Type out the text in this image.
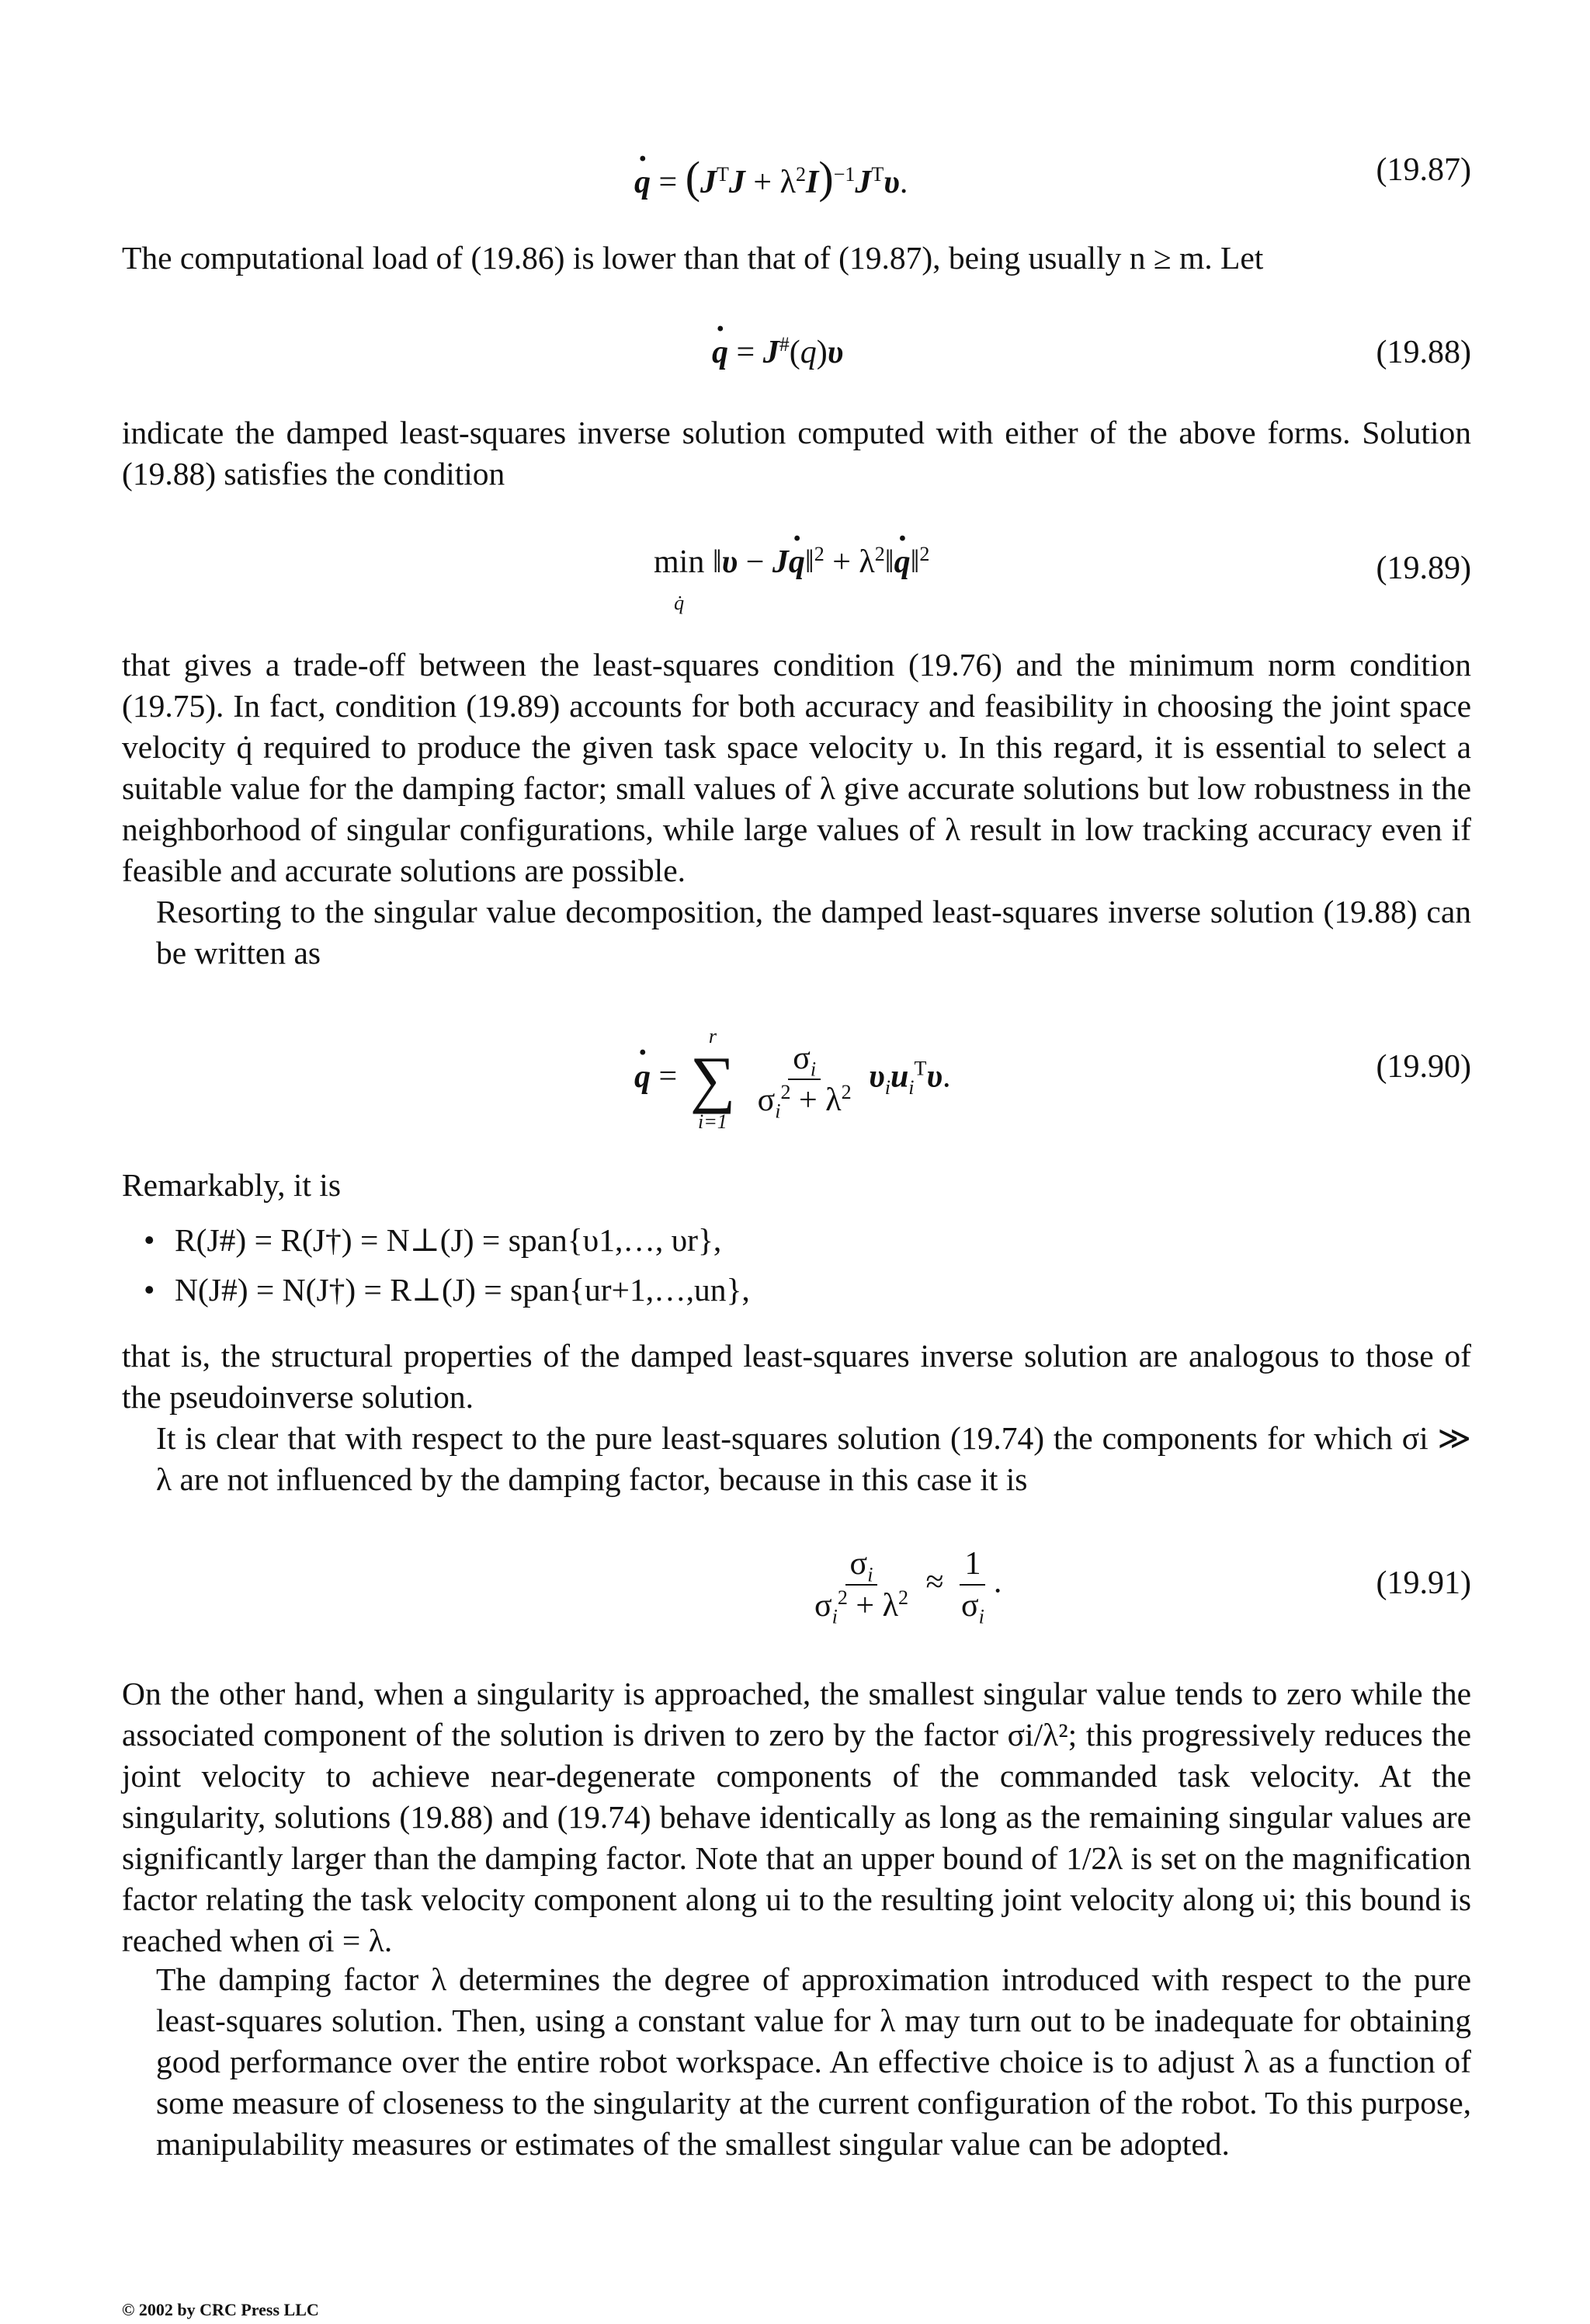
· $q = (J^TJ + \lambda^2I)^{-1}J^T\upsilon$.	(19.87)
The computational load of (19.86) is lower than that of (19.87), being usually n ≥ m. Let
· q = J#(q)υ	(19.88)
indicate the damped least-squares inverse solution computed with either of the above forms. Solution (19.88) satisfies the condition
min
q̇ ‖υ − J· q‖$^2$ + $\lambda^2‖\cdot$ q‖$^2$	(19.89)
that gives a trade-off between the least-squares condition (19.76) and the minimum norm condition (19.75). In fact, condition (19.89) accounts for both accuracy and feasibility in choosing the joint space velocity q̇ required to produce the given task space velocity υ. In this regard, it is essential to select a suitable value for the damping factor; small values of λ give accurate solutions but low robustness in the neighborhood of singular configurations, while large values of λ result in low tracking accuracy even if feasible and accurate solutions are possible.
Resorting to the singular value decomposition, the damped least-squares inverse solution (19.88) can be written as
· q =
r
∑
i=1

$\frac{\sigma_i}{\sigma_i^2 + \lambda^2} \upsilon_iu_i^T\upsilon$.	(19.90)
Remarkably, it is
• R(J#) = R(J†) = N⊥(J) = span{υ1,…, υr},
• N(J#) = N(J†) = R⊥(J) = span{ur+1,…,un},
that is, the structural properties of the damped least-squares inverse solution are analogous to those of the pseudoinverse solution.
It is clear that with respect to the pure least-squares solution (19.74) the components for which σi ≫ λ are not influenced by the damping factor, because in this case it is
$\frac{\sigma_i}{\sigma_i^2 + \lambda^2} \approx \frac{1}{\sigma_i}$ .	(19.91)
On the other hand, when a singularity is approached, the smallest singular value tends to zero while the associated component of the solution is driven to zero by the factor σi/λ²; this progressively reduces the joint velocity to achieve near-degenerate components of the commanded task velocity. At the singularity, solutions (19.88) and (19.74) behave identically as long as the remaining singular values are significantly larger than the damping factor. Note that an upper bound of 1/2λ is set on the magnification factor relating the task velocity component along ui to the resulting joint velocity along υi; this bound is reached when σi = λ.
The damping factor λ determines the degree of approximation introduced with respect to the pure least-squares solution. Then, using a constant value for λ may turn out to be inadequate for obtaining good performance over the entire robot workspace. An effective choice is to adjust λ as a function of some measure of closeness to the singularity at the current configuration of the robot. To this purpose, manipulability measures or estimates of the smallest singular value can be adopted.
© 2002 by CRC Press LLC
